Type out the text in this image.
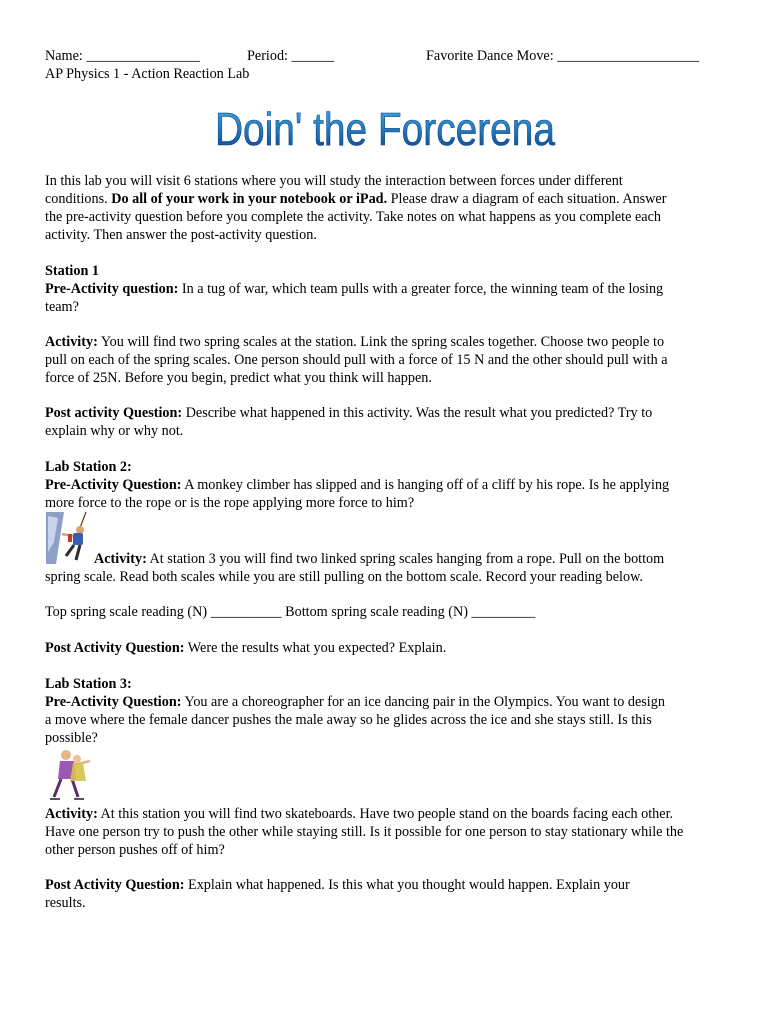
Name: ________________	Period: ______	Favorite Dance Move: ____________________
AP Physics 1 - Action Reaction Lab
Doin' the Forcerena
In this lab you will visit 6 stations where you will study the interaction between forces under different
conditions. Do all of your work in your notebook or iPad. Please draw a diagram of each situation. Answer
the pre-activity question before you complete the activity. Take notes on what happens as you complete each
activity. Then answer the post-activity question.
Station 1
Pre-Activity question: In a tug of war, which team pulls with a greater force, the winning team of the losing
team?
Activity: You will find two spring scales at the station. Link the spring scales together. Choose two people to
pull on each of the spring scales. One person should pull with a force of 15 N and the other should pull with a
force of 25N. Before you begin, predict what you think will happen.
Post activity Question: Describe what happened in this activity. Was the result what you predicted? Try to
explain why or why not.
Lab Station 2:
Pre-Activity Question: A monkey climber has slipped and is hanging off of a cliff by his rope. Is he applying
more force to the rope or is the rope applying more force to him?
Activity: At station 3 you will find two linked spring scales hanging from a rope. Pull on the bottom
spring scale. Read both scales while you are still pulling on the bottom scale. Record your reading below.
Top spring scale reading (N) __________ Bottom spring scale reading (N) _________
Post Activity Question: Were the results what you expected? Explain.
Lab Station 3:
Pre-Activity Question: You are a choreographer for an ice dancing pair in the Olympics. You want to design
a move where the female dancer pushes the male away so he glides across the ice and she stays still. Is this
possible?
Activity: At this station you will find two skateboards. Have two people stand on the boards facing each other.
Have one person try to push the other while staying still. Is it possible for one person to stay stationary while the
other person pushes off of him?
Post Activity Question: Explain what happened. Is this what you thought would happen. Explain your
results.
